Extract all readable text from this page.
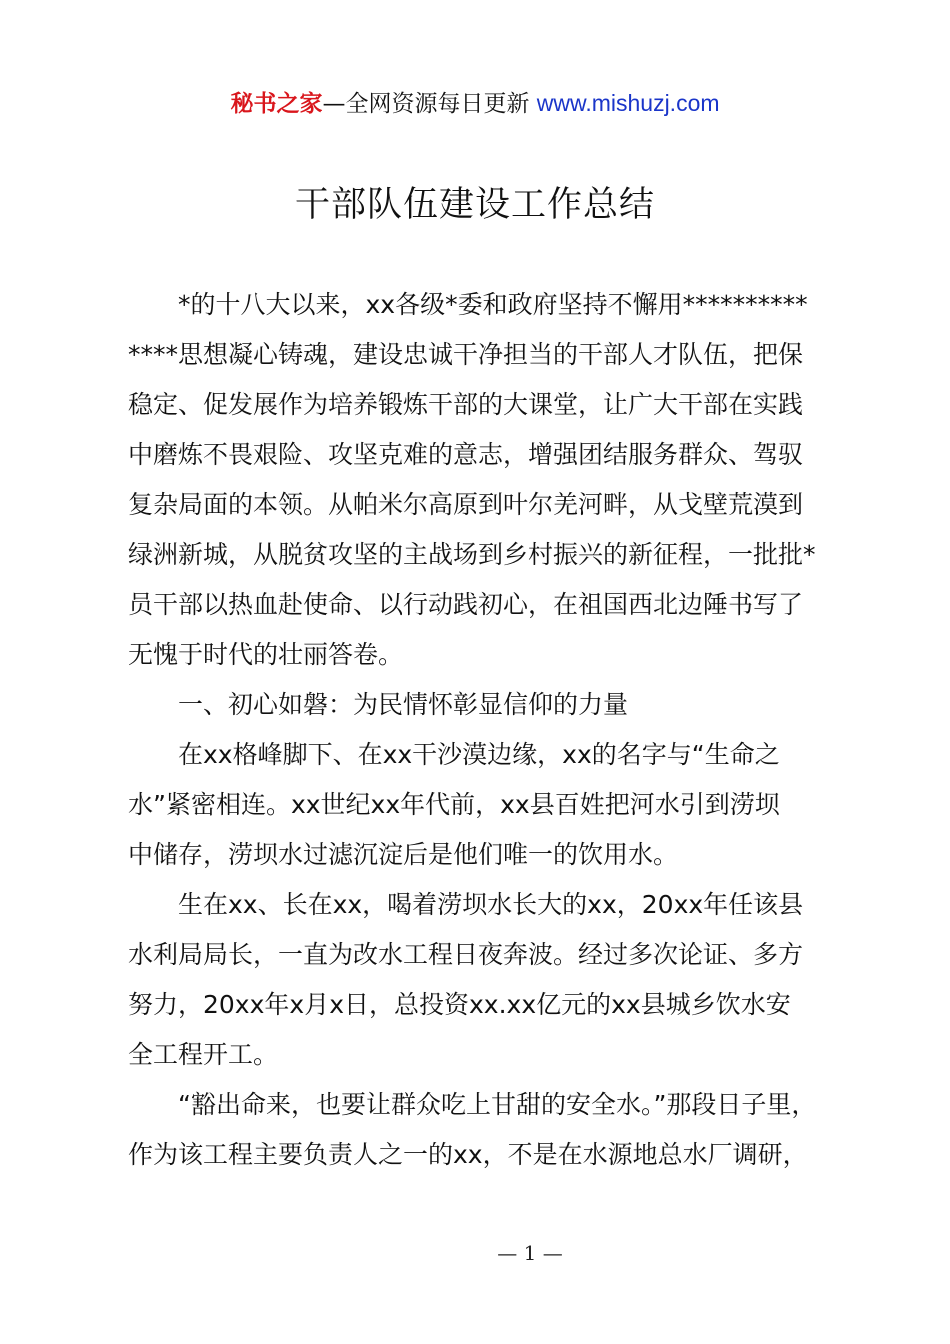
秘书之家—全网资源每日更新 www.mishuzj.com
干部队伍建设工作总结
*的十八大以来，xx各级*委和政府坚持不懈用**********
****思想凝心铸魂，建设忠诚干净担当的干部人才队伍，把保
稳定、促发展作为培养锻炼干部的大课堂，让广大干部在实践
中磨炼不畏艰险、攻坚克难的意志，增强团结服务群众、驾驭
复杂局面的本领。从帕米尔高原到叶尔羌河畔，从戈壁荒漠到
绿洲新城，从脱贫攻坚的主战场到乡村振兴的新征程，一批批*
员干部以热血赴使命、以行动践初心，在祖国西北边陲书写了
无愧于时代的壮丽答卷。
一、初心如磐：为民情怀彰显信仰的力量
在xx格峰脚下、在xx干沙漠边缘，xx的名字与“生命之
水”紧密相连。xx世纪xx年代前，xx县百姓把河水引到涝坝
中储存，涝坝水过滤沉淀后是他们唯一的饮用水。
生在xx、长在xx，喝着涝坝水长大的xx，20xx年任该县
水利局局长，一直为改水工程日夜奔波。经过多次论证、多方
努力，20xx年x月x日，总投资xx.xx亿元的xx县城乡饮水安
全工程开工。
“豁出命来，也要让群众吃上甘甜的安全水。”那段日子里，
作为该工程主要负责人之一的xx，不是在水源地总水厂调研，
— 1 —
